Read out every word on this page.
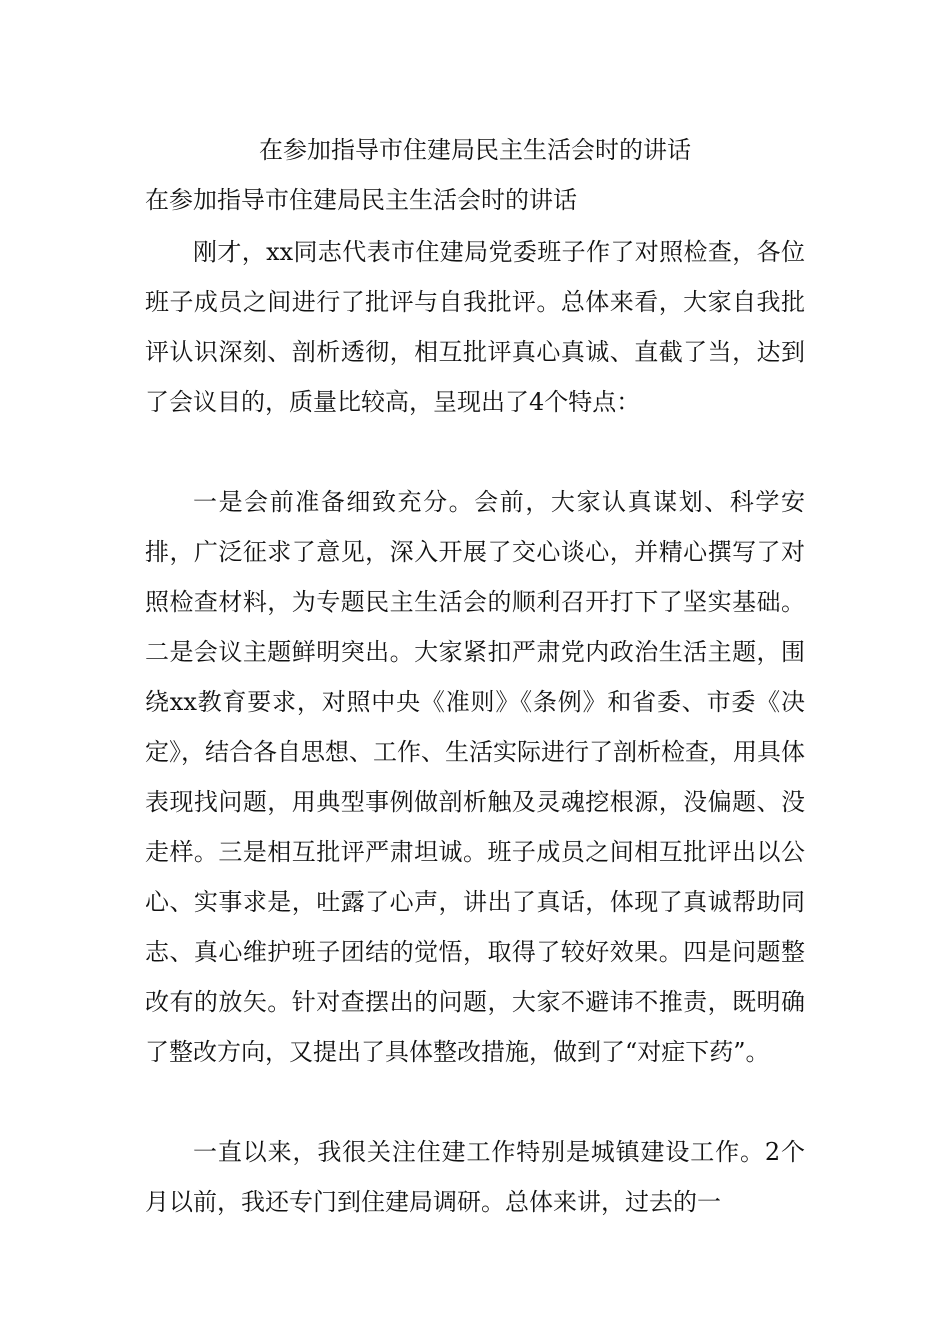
在参加指导市住建局民主生活会时的讲话
在参加指导市住建局民主生活会时的讲话

刚才，xx同志代表市住建局党委班子作了对照检查，各位班子成员之间进行了批评与自我批评。总体来看，大家自我批评认识深刻、剖析透彻，相互批评真心真诚、直截了当，达到了会议目的，质量比较高，呈现出了4个特点：

一是会前准备细致充分。会前，大家认真谋划、科学安排，广泛征求了意见，深入开展了交心谈心，并精心撰写了对照检查材料，为专题民主生活会的顺利召开打下了坚实基础。二是会议主题鲜明突出。大家紧扣严肃党内政治生活主题，围绕xx教育要求，对照中央《准则》《条例》和省委、市委《决定》，结合各自思想、工作、生活实际进行了剖析检查，用具体表现找问题，用典型事例做剖析触及灵魂挖根源，没偏题、没走样。三是相互批评严肃坦诚。班子成员之间相互批评出以公心、实事求是，吐露了心声，讲出了真话，体现了真诚帮助同志、真心维护班子团结的觉悟，取得了较好效果。四是问题整改有的放矢。针对查摆出的问题，大家不避讳不推责，既明确了整改方向，又提出了具体整改措施，做到了“对症下药”。

一直以来，我很关注住建工作特别是城镇建设工作。2个月以前，我还专门到住建局调研。总体来讲，过去的一
